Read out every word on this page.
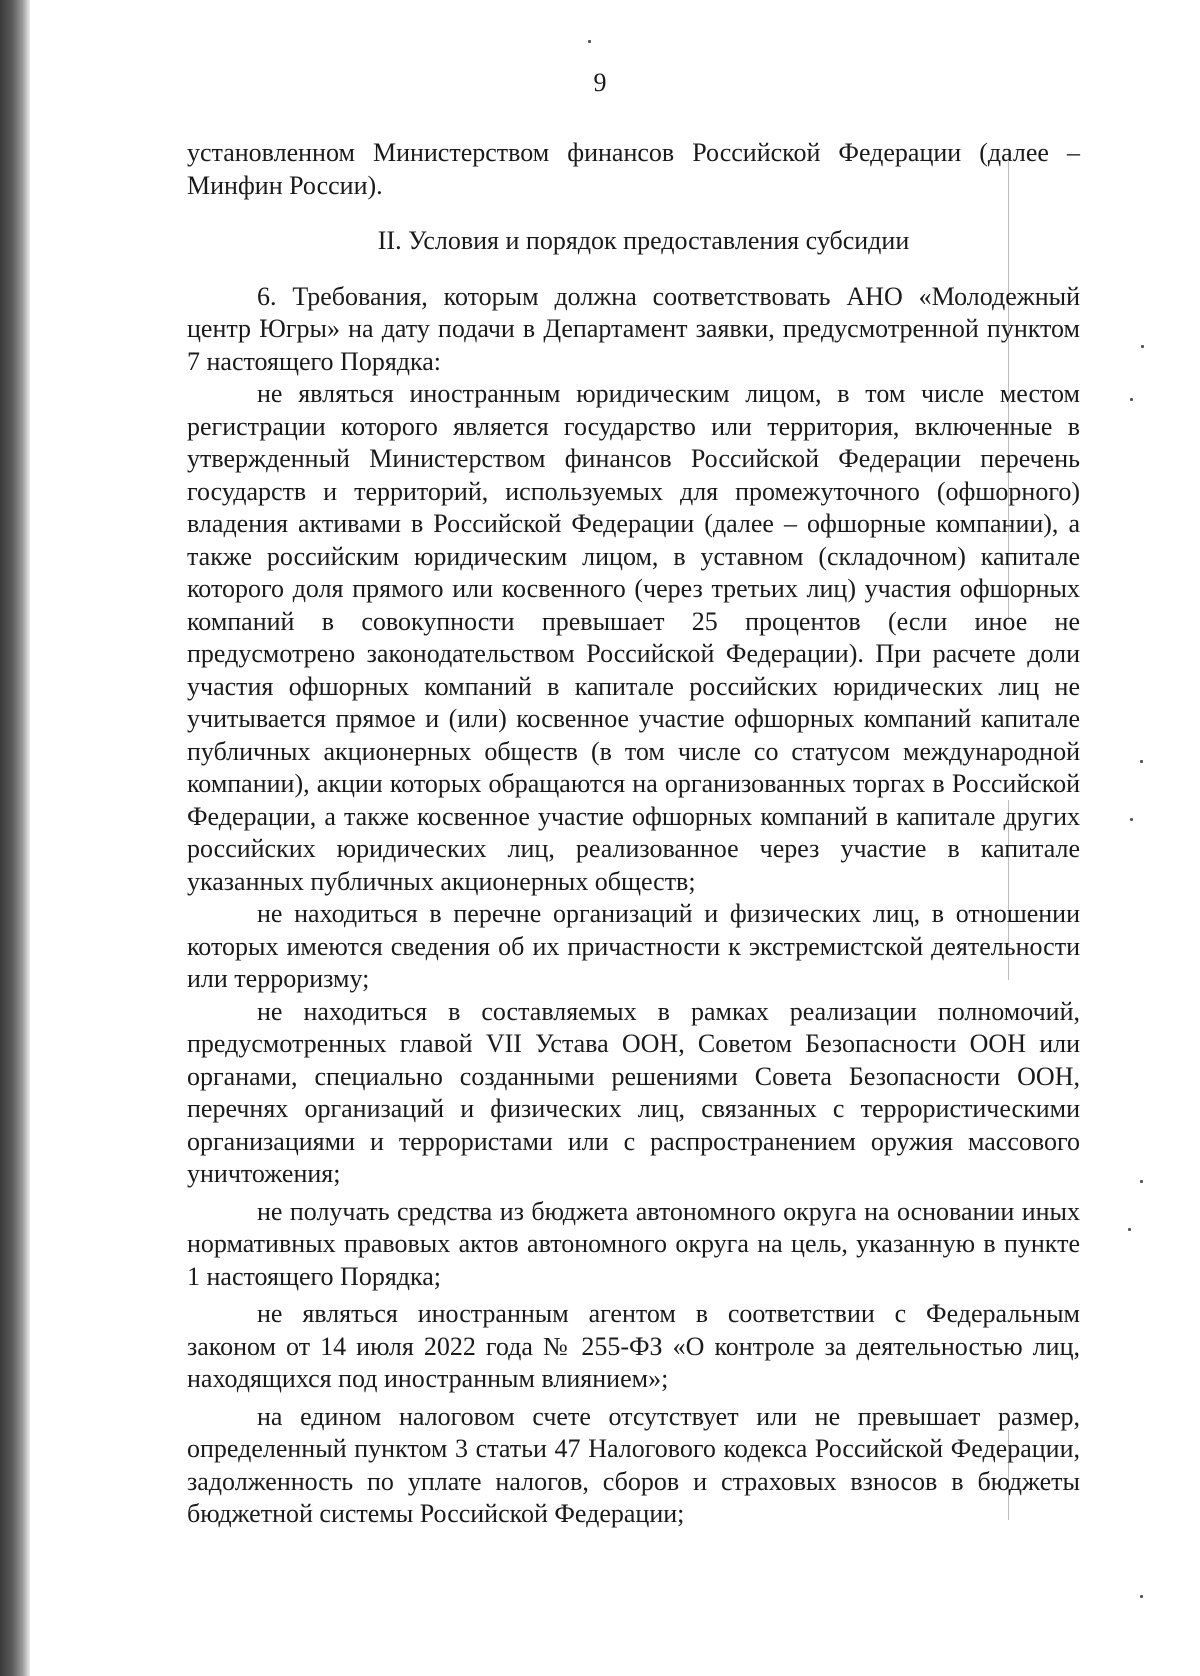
9

установленном Министерством финансов Российской Федерации (далее – Минфин России).

II. Условия и порядок предоставления субсидии

6. Требования, которым должна соответствовать АНО «Молодежный центр Югры» на дату подачи в Департамент заявки, предусмотренной пунктом 7 настоящего Порядка:

не являться иностранным юридическим лицом, в том числе местом регистрации которого является государство или территория, включенные в утвержденный Министерством финансов Российской Федерации перечень государств и территорий, используемых для промежуточного (офшорного) владения активами в Российской Федерации (далее – офшорные компании), а также российским юридическим лицом, в уставном (складочном) капитале которого доля прямого или косвенного (через третьих лиц) участия офшорных компаний в совокупности превышает 25 процентов (если иное не предусмотрено законодательством Российской Федерации). При расчете доли участия офшорных компаний в капитале российских юридических лиц не учитывается прямое и (или) косвенное участие офшорных компаний капитале публичных акционерных обществ (в том числе со статусом международной компании), акции которых обращаются на организованных торгах в Российской Федерации, а также косвенное участие офшорных компаний в капитале других российских юридических лиц, реализованное через участие в капитале указанных публичных акционерных обществ;

не находиться в перечне организаций и физических лиц, в отношении которых имеются сведения об их причастности к экстремистской деятельности или терроризму;

не находиться в составляемых в рамках реализации полномочий, предусмотренных главой VII Устава ООН, Советом Безопасности ООН или органами, специально созданными решениями Совета Безопасности ООН, перечнях организаций и физических лиц, связанных с террористическими организациями и террористами или с распространением оружия массового уничтожения;

не получать средства из бюджета автономного округа на основании иных нормативных правовых актов автономного округа на цель, указанную в пункте 1 настоящего Порядка;

не являться иностранным агентом в соответствии с Федеральным законом от 14 июля 2022 года № 255-ФЗ «О контроле за деятельностью лиц, находящихся под иностранным влиянием»;

на едином налоговом счете отсутствует или не превышает размер, определенный пунктом 3 статьи 47 Налогового кодекса Российской Федерации, задолженность по уплате налогов, сборов и страховых взносов в бюджеты бюджетной системы Российской Федерации;
